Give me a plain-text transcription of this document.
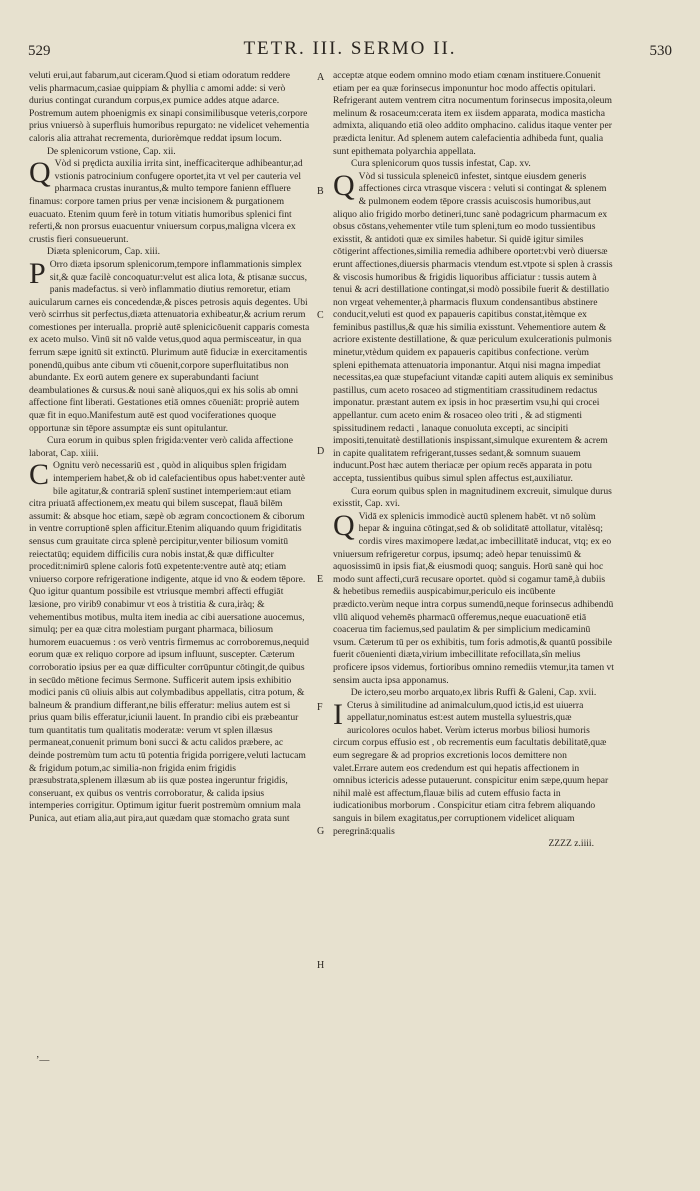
529	TETR. III. SERMO II.	530
A
B
C
D
E
F
G
H

veluti erui,aut fabarum,aut ciceram.Quod si etiam odoratum reddere velis pharmacum,casiae quippiam & phyllia c amomi adde: si verò durius contingat curandum corpus,ex pumice addes atque adarce. Postremum autem phoenigmis ex sinapi consimilibusque veteris,corpore prius vniuersò à superfluis humoribus repurgato: ne videlicet vehementia caloris alia attrahat recrementa, duriorèmque reddat ipsum locum.

De splenicorum vstione, Cap. xii.

Q Vòd si prędicta auxilia irrita sint, inefficacìterque adhibeantur,ad vstionis patrocinium confugere oportet,ita vt vel per cauteria vel pharmaca crustas inurantus,& multo tempore fanienn effluere finamus: corpore tamen prius per venæ incisionem & purgationem euacuato. Etenim quum ferè in totum vitiatis humoribus splenici fint referti,& non prorsus euacuentur vniuersum corpus,maligna vlcera ex crustis fieri consueuerunt.

Diæta splenicorum, Cap. xiii.

P Orro diæta ipsorum splenicorum,tempore inflammationis simplex sit,& quæ facilè concoquatur:velut est alica lota, & ptisanæ succus, panis madefactus. si verò inflammatio diutius remoretur, etiam auicularum carnes eis concedendæ,& pisces petrosis aquis degentes. Ubi verò scirrhus sit perfectus,diæta attenuatoria exhibeatur,& acrium rerum comestiones per interualla. propriè autē splenicicōuenit capparis comesta ex aceto mulso. Vinū sit nō valde vetus,quod aqua permisceatur, in qua ferrum sæpe ignitū sit extinctū. Plurimum autē fiduciæ in exercitamentis ponendū,quibus ante cibum vti cōuenit,corpore superfluitatibus non abundante. Ex eorū autem genere ex superabundanti faciunt deambulationes & cursus.& noui sanè aliquos,qui ex his solis ab omni affectione fint liberati. Gestationes etiā omnes cōueniāt: propriè autem quæ fit in equo.Manifestum autē est quod vociferationes quoque opportunæ sin tēpore assumptæ eis sunt opitulantur.

Cura eorum in quibus splen frigida:venter verò calida affectione laborat, Cap. xiiii.

C Ognitu verò necessariū est , quòd in aliquibus splen frigidam intemperiem habet,& ob id calefacientibus opus habet:venter autè bile agitatur,& contrariā splenī sustinet intemperiem:aut etiam citra priuatā affectionem,ex meatu qui bilem suscepat, flauā bilēm assumit: & absque hoc etiam, sæpè ob ægram concoctionem & ciborum in ventre corruptionē splen afficitur.Etenim aliquando quum frigiditatis sensus cum grauitate circa splenè percipitur,venter biliosum vomitū reiectatūq; equidem difficilis cura nobis instat,& quæ difficulter procedit:nimirū splene caloris fotū expetente:ventre autè atq; etiam vniuerso corpore refrigeratione indigente, atque id vno & eodem tēpore. Quo igitur quantum possibile est vtriusque membri affecti effugiāt læsione, pro virib9 conabimur vt eos à tristitia & cura,iràq; & vehementibus motibus, multa item inedia ac cibi auersatione auocemus, simulq; per ea quæ citra molestiam purgant pharmaca, biliosum humorem euacuemus : os verò ventris firmemus ac corroboremus,nequid eorum quæ ex reliquo corpore ad ipsum influunt, suscepter. Cæterum corroboratio ipsius per ea quæ difficulter corrūpuntur cōtingit,de quibus in secūdo mētione fecimus Sermone. Sufficerit autem ipsis exhibitio modici panis cū oliuis albis aut colymbadibus appellatis, citra potum, & balneum & prandium differant,ne bilis efferatur: melius autem est si prius quam bilis efferatur,iciunii lauent. In prandio cibi eis præbeantur tum quantitatis tum qualitatis moderatæ: verum vt splen illæsus permaneat,conuenit primum boni succi & actu calidos præbere, ac deinde postremùm tum actu tū potentia frigida porrigere,veluti lactucam & frigidum potum,ac similia-non frigida enim frigidis præsubstrata,splenem illæsum ab iis quæ postea ingeruntur frigidis, conseruant, ex quibus os ventris corroboratur, & calida ipsius intemperies corrigitur. Optimum igitur fuerit postremùm omnium mala Punica, aut etiam alia,aut pira,aut quædam quæ stomacho grata sunt

acceptæ atque eodem omnino modo etiam cœnam instituere.Conuenit etiam per ea quæ forinsecus imponuntur hoc modo affectis opitulari. Refrigerant autem ventrem citra nocumentum forinsecus imposita,oleum melinum & rosaceum:cerata item ex iisdem apparata, modica masticha admixta, aliquando etiā oleo addito omphacino. calidus itaque venter per prædicta lenitur. Ad splenem autem calefacientia adhibeda funt, qualia sunt epithemata polyarchia appellata.

Cura splenicorum quos tussis infestat, Cap. xv.

Q Vòd si tussicula spleneicū infestet, sintque eiusdem generis affectiones circa vtrasque viscera : veluti si contingat & splenem & pulmonem eodem tēpore crassis acuiscosis humoribus,aut aliquo alio frigido morbo detineri,tunc sanè podagricum pharmacum ex obsus cōstans,vehementer vtile tum spleni,tum eo modo tussientibus exisstit, & antidoti quæ ex similes habetur. Si quidē igitur similes cōtigerint affectiones,similia remedia adhibere oportet:vbi verò diuersæ erunt affectiones,diuersis pharmacis vtendum est.vtpote si splen à crassis & viscosis humoribus & frigidis liquoribus afficiatur : tussis autem à tenui & acri destillatione contingat,si modò possibile fuerit & destillatio non vrgeat vehementer,à pharmacis fluxum condensantibus abstinere conducit,veluti est quod ex papaueris capitibus constat,itèmque ex feminibus pastillus,& quæ his similia exisstunt. Vehementiore autem & acriore existente destillatione, & quæ periculum exulcerationis pulmonis minetur,vtèdum quidem ex papaueris capitibus confectione. verùm spleni epithemata attenuatoria imponantur. Atqui nisi magna impediat necessitas,ea quæ stupefaciunt vitandæ capiti autem aliquis ex seminibus pastillus, cum aceto rosaceo ad stigmentitiam crassitudinem redactus imponatur. præstant autem ex ipsis in hoc præsertim vsu,hi qui crocei appellantur. cum aceto enim & rosaceo oleo triti , & ad stigmenti spissitudinem redacti , lanaque conuoluta excepti, ac sincipiti impositi,tenuitatè destillationis inspissant,simulque exurentem & acrem in capite qualitatem refrigerant,tusses sedant,& somnum suauem inducunt.Post hæc autem theriacæ per opium recēs apparata in potu accepta, tussientibus quibus simul splen affectus est,auxiliatur.

Cura eorum quibus splen in magnitudinem excreuit, simulque durus exisstit, Cap. xvi.

Q Vidā ex splenicis immodicè auctū splenem habēt. vt nō solùm hepar & inguina cōtingat,sed & ob soliditatē attollatur, vitalèsq; cordis vires maximopere lædat,ac imbecillitatē inducat, vtq; ex eo vniuersum refrigeretur corpus, ipsumq; adeò hepar tenuissimū & aquosissimū in ipsis fiat,& eiusmodi quoq; sanguis. Horū sanè qui hoc modo sunt affecti,curā recusare oportet. quòd si cogamur tamē,à dubiis & hebetibus remediis auspicabimur,periculo eis incūbente prædicto.verùm neque intra corpus sumendū,neque forinsecus adhibendū vllū aliquod vehemēs pharmacū offeremus,neque euacuationē etiā coacerua tim faciemus,sed paulatim & per simplicium medicaminū vsum. Cæterum tū per os exhibitis, tum foris admotis,& quantū possibile fuerit cōuenienti diæta,virium imbecillitate refocillata,sîn melius proficere ipsos videmus, fortioribus omnino remediis vtemur,ita tamen vt sensim aucta ipsa apponamus.

De ictero,seu morbo arquato,ex libris Ruffi & Galeni, Cap. xvii.

I Cterus à similitudine ad animalculum,quod ictis,id est uiuerra appellatur,nominatus est:est autem mustella syluestris,quæ auricolores oculos habet. Verùm icterus morbus biliosi humoris circum corpus effusio est , ob recrementis eum facultatis debilitatē,quæ eum segregare & ad proprios excretionis locos demittere non valet.Errare autem eos credendum est qui hepatis affectionem in omnibus ictericis adesse putauerunt. conspicitur enim sæpe,quum hepar nihil malè est affectum,flauæ bilis ad cutem effusio facta in iudicationibus morborum . Conspicitur etiam citra febrem aliquando sanguis in bilem exagitatus,per corruptionem videlicet aliquam peregrinā:qualis

ZZZZ z.iiii.

’—
